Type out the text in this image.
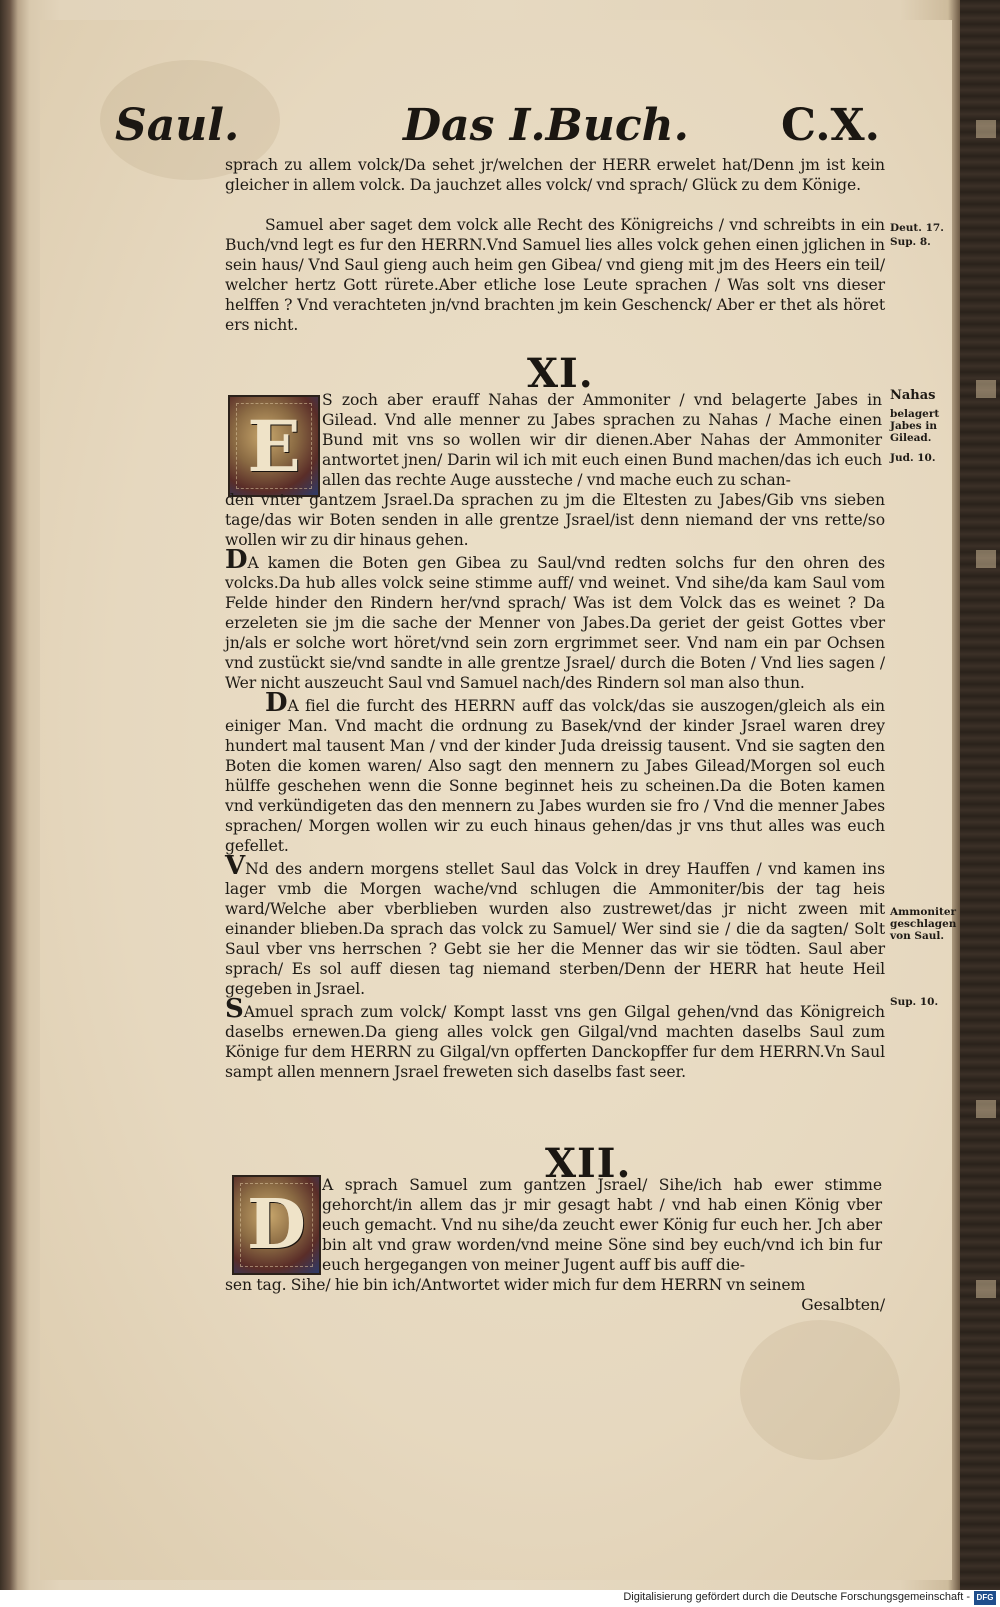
Saul.	Das I.Buch. C.X.
sprach zu allem volck/Da sehet jr/welchen der HERR erwelet hat/Denn jm ist kein gleicher in allem volck. Da jauchzet alles volck/ vnd sprach/ Glück zu dem Könige.
Samuel aber saget dem volck alle Recht des Königreichs / vnd schreibts in ein Buch/vnd legt es fur den HERRN.Vnd Samuel lies alles volck gehen einen jglichen in sein haus/ Vnd Saul gieng auch heim gen Gibea/ vnd gieng mit jm des Heers ein teil/ welcher hertz Gott rürete.Aber etliche lose Leute sprachen / Was solt vns dieser helffen ? Vnd verachteten jn/vnd brachten jm kein Geschenck/ Aber er thet als höret ers nicht.
XI.
E
S zoch aber erauff Nahas der Ammoniter / vnd belagerte Jabes in Gilead. Vnd alle menner zu Jabes sprachen zu Nahas / Mache einen Bund mit vns so wollen wir dir dienen.Aber Nahas der Ammoniter antwortet jnen/ Darin wil ich mit euch einen Bund machen/das ich euch allen das rechte Auge aussteche / vnd mache euch zu schan-
den vnter gantzem Jsrael.Da sprachen zu jm die Eltesten zu Jabes/Gib vns sieben tage/das wir Boten senden in alle grentze Jsrael/ist denn niemand der vns rette/so wollen wir zu dir hinaus gehen.
DA kamen die Boten gen Gibea zu Saul/vnd redten solchs fur den ohren des volcks.Da hub alles volck seine stimme auff/ vnd weinet. Vnd sihe/da kam Saul vom Felde hinder den Rindern her/vnd sprach/ Was ist dem Volck das es weinet ? Da erzeleten sie jm die sache der Menner von Jabes.Da geriet der geist Gottes vber jn/als er solche wort höret/vnd sein zorn ergrimmet seer. Vnd nam ein par Ochsen vnd zustückt sie/vnd sandte in alle grentze Jsrael/ durch die Boten / Vnd lies sagen / Wer nicht auszeucht Saul vnd Samuel nach/des Rindern sol man also thun.
DA fiel die furcht des HERRN auff das volck/das sie auszogen/gleich als ein einiger Man. Vnd macht die ordnung zu Basek/vnd der kinder Jsrael waren drey hundert mal tausent Man / vnd der kinder Juda dreissig tausent. Vnd sie sagten den Boten die komen waren/ Also sagt den mennern zu Jabes Gilead/Morgen sol euch hülffe geschehen wenn die Sonne beginnet heis zu scheinen.Da die Boten kamen vnd verkündigeten das den mennern zu Jabes wurden sie fro / Vnd die menner Jabes sprachen/ Morgen wollen wir zu euch hinaus gehen/das jr vns thut alles was euch gefellet.
VNd des andern morgens stellet Saul das Volck in drey Hauffen / vnd kamen ins lager vmb die Morgen wache/vnd schlugen die Ammoniter/bis der tag heis ward/Welche aber vberblieben wurden also zustrewet/das jr nicht zween mit einander blieben.Da sprach das volck zu Samuel/ Wer sind sie / die da sagten/ Solt Saul vber vns herrschen ? Gebt sie her die Menner das wir sie tödten. Saul aber sprach/ Es sol auff diesen tag niemand sterben/Denn der HERR hat heute Heil gegeben in Jsrael.
SAmuel sprach zum volck/ Kompt lasst vns gen Gilgal gehen/vnd das Königreich daselbs ernewen.Da gieng alles volck gen Gilgal/vnd machten daselbs Saul zum Könige fur dem HERRN zu Gilgal/vn opfferten Danckopffer fur dem HERRN.Vn Saul sampt allen mennern Jsrael freweten sich daselbs fast seer.
XII.
D A sprach Samuel zum gantzen Jsrael/ Sihe/ich hab ewer stimme gehorcht/in allem das jr mir gesagt habt / vnd hab einen König vber euch gemacht. Vnd nu sihe/da zeucht ewer König fur euch her. Jch aber bin alt vnd graw worden/vnd meine Söne sind bey euch/vnd ich bin fur euch hergegangen von meiner Jugent auff bis auff die-
sen tag. Sihe/ hie bin ich/Antwortet wider mich fur dem HERRN vn seinem

Gesalbten/
Deut. 17.
Sup. 8.
Nahas
belagert Jabes in Gilead.
Jud. 10.
Ammoniter geschlagen von Saul.
Sup. 10.
Digitalisierung gefördert durch die Deutsche Forschungsgemeinschaft - DFG
